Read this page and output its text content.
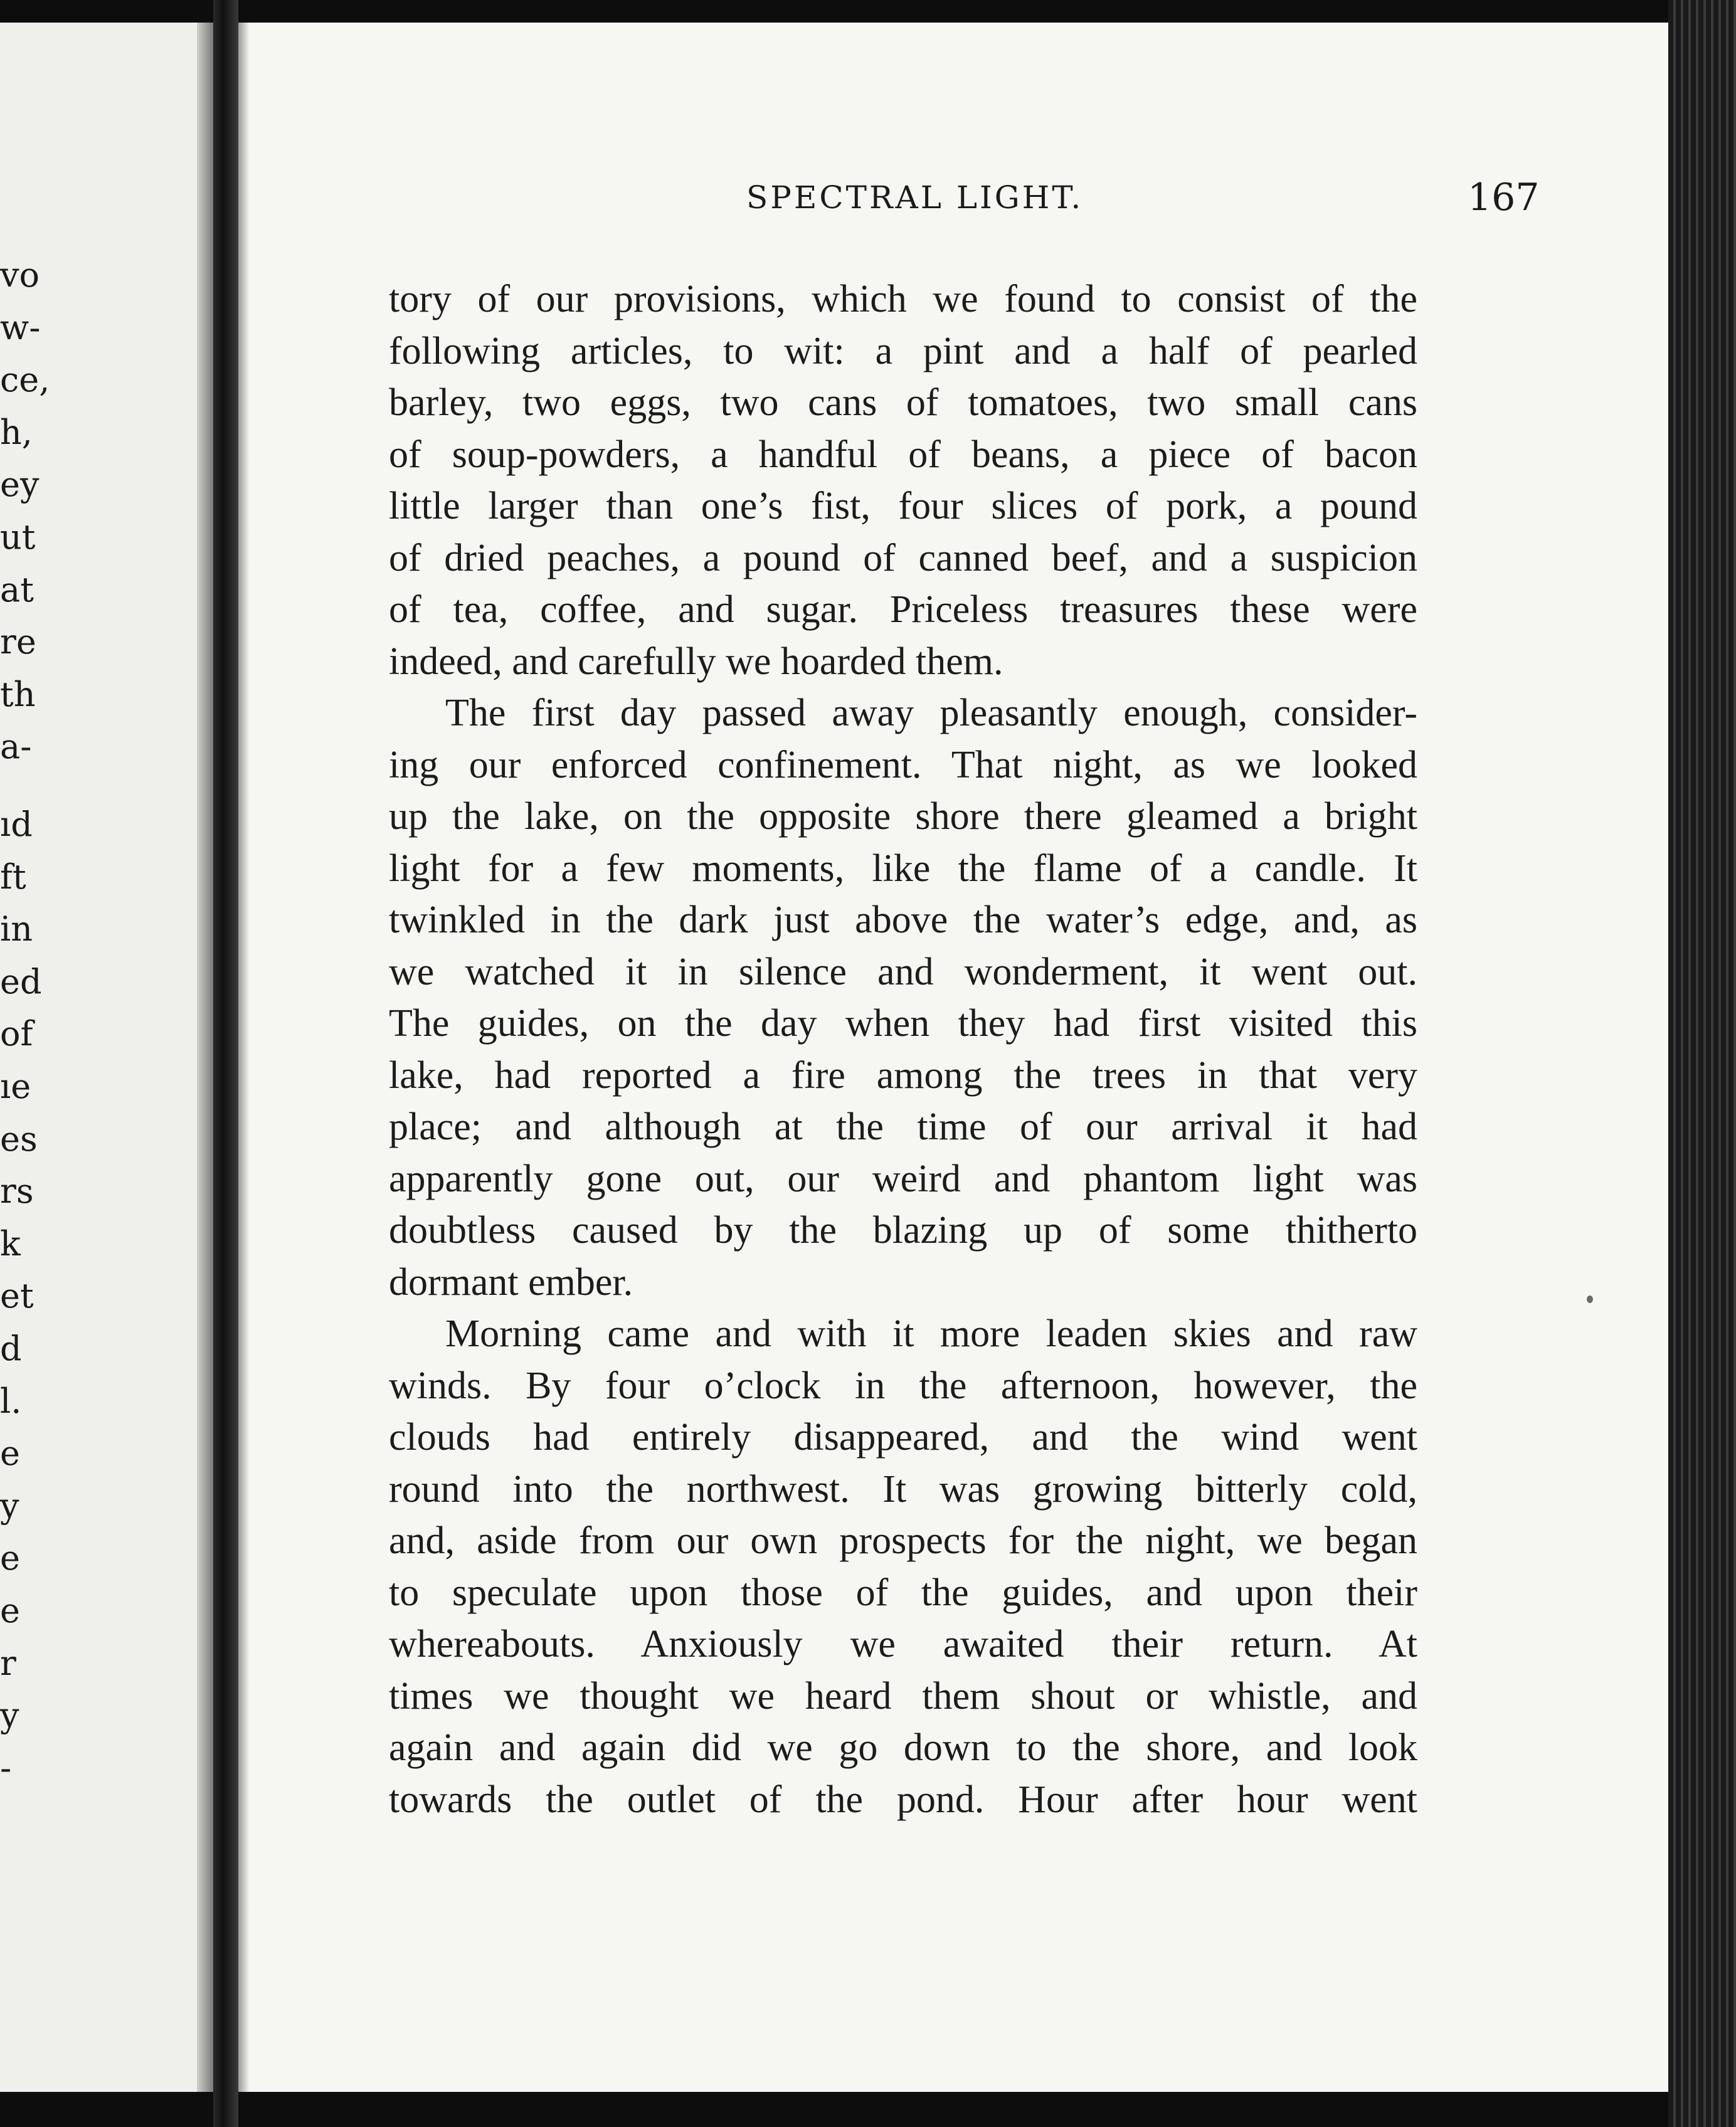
vo
w-
ce,
h,
ey
ut
at
re
th
a-
ıd
ft
in
ed
of
ıe
es
rs
k
et
d
l.
e
y
e
e
r
y
-
SPECTRAL LIGHT.	167
tory of our provisions, which we found to consist of the
following articles, to wit: a pint and a half of pearled
barley, two eggs, two cans of tomatoes, two small cans
of soup-powders, a handful of beans, a piece of bacon
little larger than one’s fist, four slices of pork, a pound
of dried peaches, a pound of canned beef, and a suspicion
of tea, coffee, and sugar. Priceless treasures these were
indeed, and carefully we hoarded them.
The first day passed away pleasantly enough, consider-
ing our enforced confinement. That night, as we looked
up the lake, on the opposite shore there gleamed a bright
light for a few moments, like the flame of a candle. It
twinkled in the dark just above the water’s edge, and, as
we watched it in silence and wonderment, it went out.
The guides, on the day when they had first visited this
lake, had reported a fire among the trees in that very
place; and although at the time of our arrival it had
apparently gone out, our weird and phantom light was
doubtless caused by the blazing up of some thitherto
dormant ember.
Morning came and with it more leaden skies and raw
winds. By four o’clock in the afternoon, however, the
clouds had entirely disappeared, and the wind went
round into the northwest. It was growing bitterly cold,
and, aside from our own prospects for the night, we began
to speculate upon those of the guides, and upon their
whereabouts. Anxiously we awaited their return. At
times we thought we heard them shout or whistle, and
again and again did we go down to the shore, and look
towards the outlet of the pond. Hour after hour went
